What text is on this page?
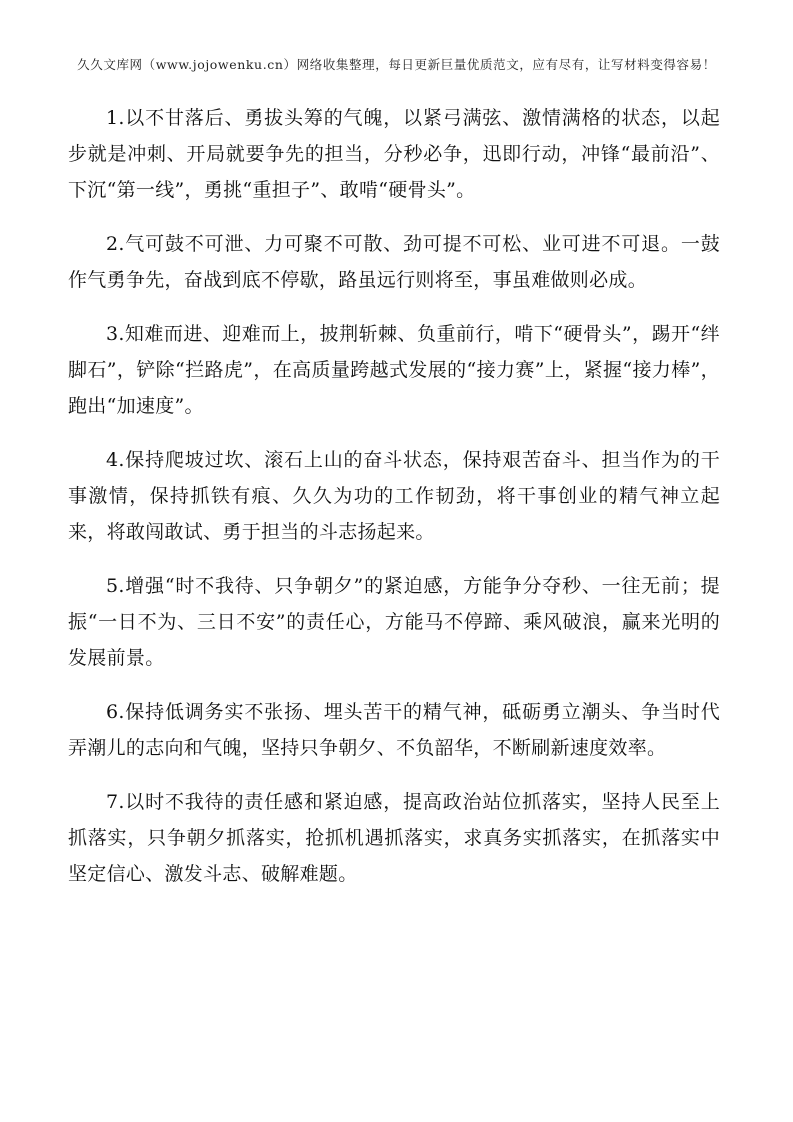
久久文库网（www.jojowenku.cn）网络收集整理，每日更新巨量优质范文，应有尽有，让写材料变得容易！

1.以不甘落后、勇拔头筹的气魄，以紧弓满弦、激情满格的状态，以起步就是冲刺、开局就要争先的担当，分秒必争，迅即行动，冲锋“最前沿”、下沉“第一线”，勇挑“重担子”、敢啃“硬骨头”。

2.气可鼓不可泄、力可聚不可散、劲可提不可松、业可进不可退。一鼓作气勇争先，奋战到底不停歇，路虽远行则将至，事虽难做则必成。

3.知难而进、迎难而上，披荆斩棘、负重前行，啃下“硬骨头”，踢开“绊脚石”，铲除“拦路虎”，在高质量跨越式发展的“接力赛”上，紧握“接力棒”，跑出“加速度”。

4.保持爬坡过坎、滚石上山的奋斗状态，保持艰苦奋斗、担当作为的干事激情，保持抓铁有痕、久久为功的工作韧劲，将干事创业的精气神立起来，将敢闯敢试、勇于担当的斗志扬起来。

5.增强“时不我待、只争朝夕”的紧迫感，方能争分夺秒、一往无前；提振“一日不为、三日不安”的责任心，方能马不停蹄、乘风破浪，赢来光明的发展前景。

6.保持低调务实不张扬、埋头苦干的精气神，砥砺勇立潮头、争当时代弄潮儿的志向和气魄，坚持只争朝夕、不负韶华，不断刷新速度效率。

7.以时不我待的责任感和紧迫感，提高政治站位抓落实，坚持人民至上抓落实，只争朝夕抓落实，抢抓机遇抓落实，求真务实抓落实，在抓落实中坚定信心、激发斗志、破解难题。
